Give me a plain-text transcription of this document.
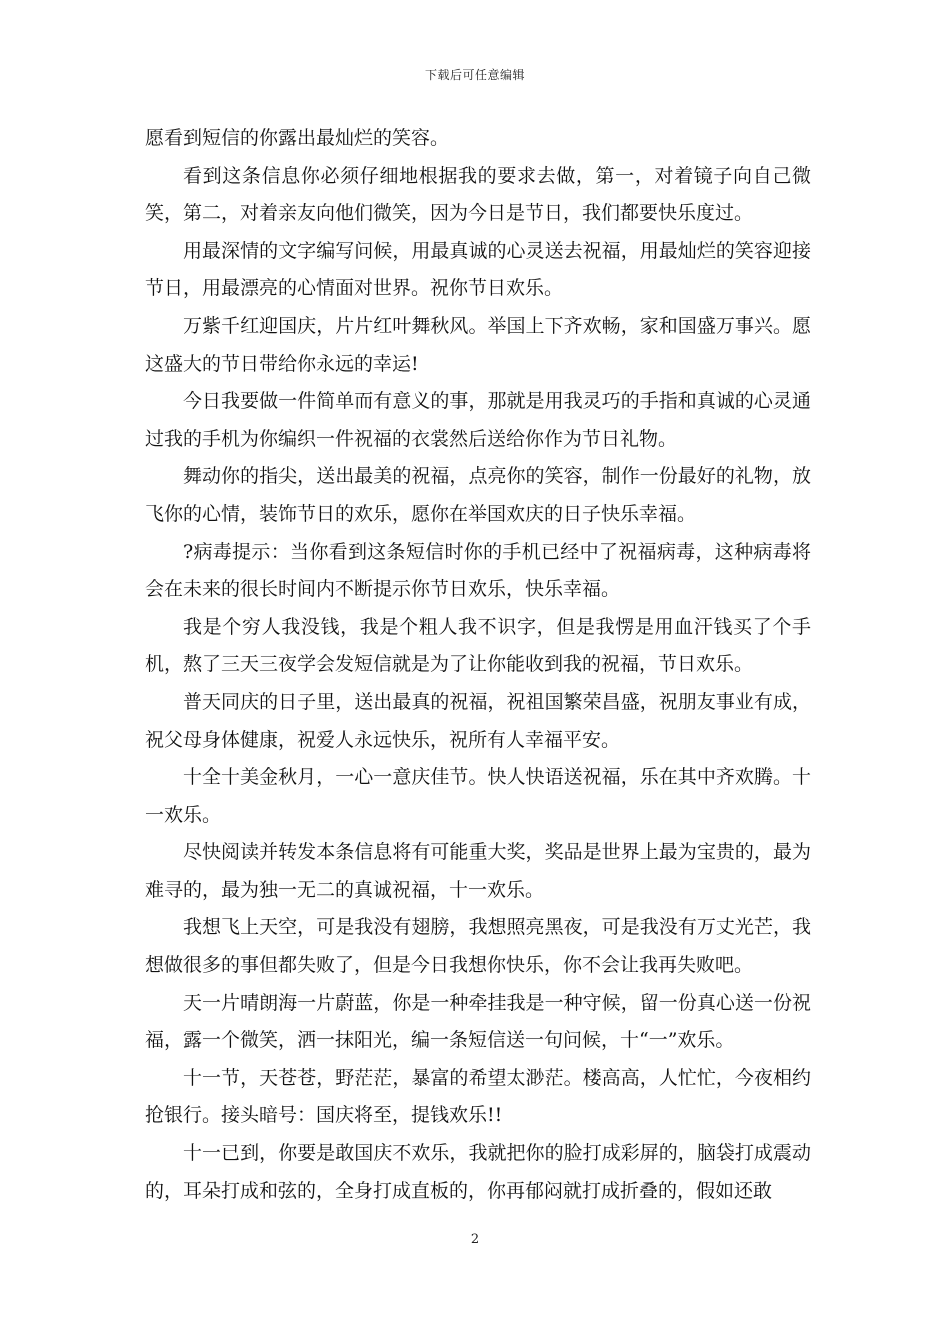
下载后可任意编辑

愿看到短信的你露出最灿烂的笑容。

看到这条信息你必须仔细地根据我的要求去做，第一，对着镜子向自己微笑，第二，对着亲友向他们微笑，因为今日是节日，我们都要快乐度过。

用最深情的文字编写问候，用最真诚的心灵送去祝福，用最灿烂的笑容迎接节日，用最漂亮的心情面对世界。祝你节日欢乐。

万紫千红迎国庆，片片红叶舞秋风。举国上下齐欢畅，家和国盛万事兴。愿这盛大的节日带给你永远的幸运!

今日我要做一件简单而有意义的事，那就是用我灵巧的手指和真诚的心灵通过我的手机为你编织一件祝福的衣裳然后送给你作为节日礼物。

舞动你的指尖，送出最美的祝福，点亮你的笑容，制作一份最好的礼物，放飞你的心情，装饰节日的欢乐，愿你在举国欢庆的日子快乐幸福。

?病毒提示：当你看到这条短信时你的手机已经中了祝福病毒，这种病毒将会在未来的很长时间内不断提示你节日欢乐，快乐幸福。

我是个穷人我没钱，我是个粗人我不识字，但是我愣是用血汗钱买了个手机，熬了三天三夜学会发短信就是为了让你能收到我的祝福，节日欢乐。

普天同庆的日子里，送出最真的祝福，祝祖国繁荣昌盛，祝朋友事业有成，祝父母身体健康，祝爱人永远快乐，祝所有人幸福平安。

十全十美金秋月，一心一意庆佳节。快人快语送祝福，乐在其中齐欢腾。十一欢乐。

尽快阅读并转发本条信息将有可能重大奖，奖品是世界上最为宝贵的，最为难寻的，最为独一无二的真诚祝福，十一欢乐。

我想飞上天空，可是我没有翅膀，我想照亮黑夜，可是我没有万丈光芒，我想做很多的事但都失败了，但是今日我想你快乐，你不会让我再失败吧。

天一片晴朗海一片蔚蓝，你是一种牵挂我是一种守候，留一份真心送一份祝福，露一个微笑，洒一抹阳光，编一条短信送一句问候，十“一”欢乐。

十一节，天苍苍，野茫茫，暴富的希望太渺茫。楼高高，人忙忙，今夜相约抢银行。接头暗号：国庆将至，提钱欢乐!!

十一已到，你要是敢国庆不欢乐，我就把你的脸打成彩屏的，脑袋打成震动的，耳朵打成和弦的，全身打成直板的，你再郁闷就打成折叠的，假如还敢

2
